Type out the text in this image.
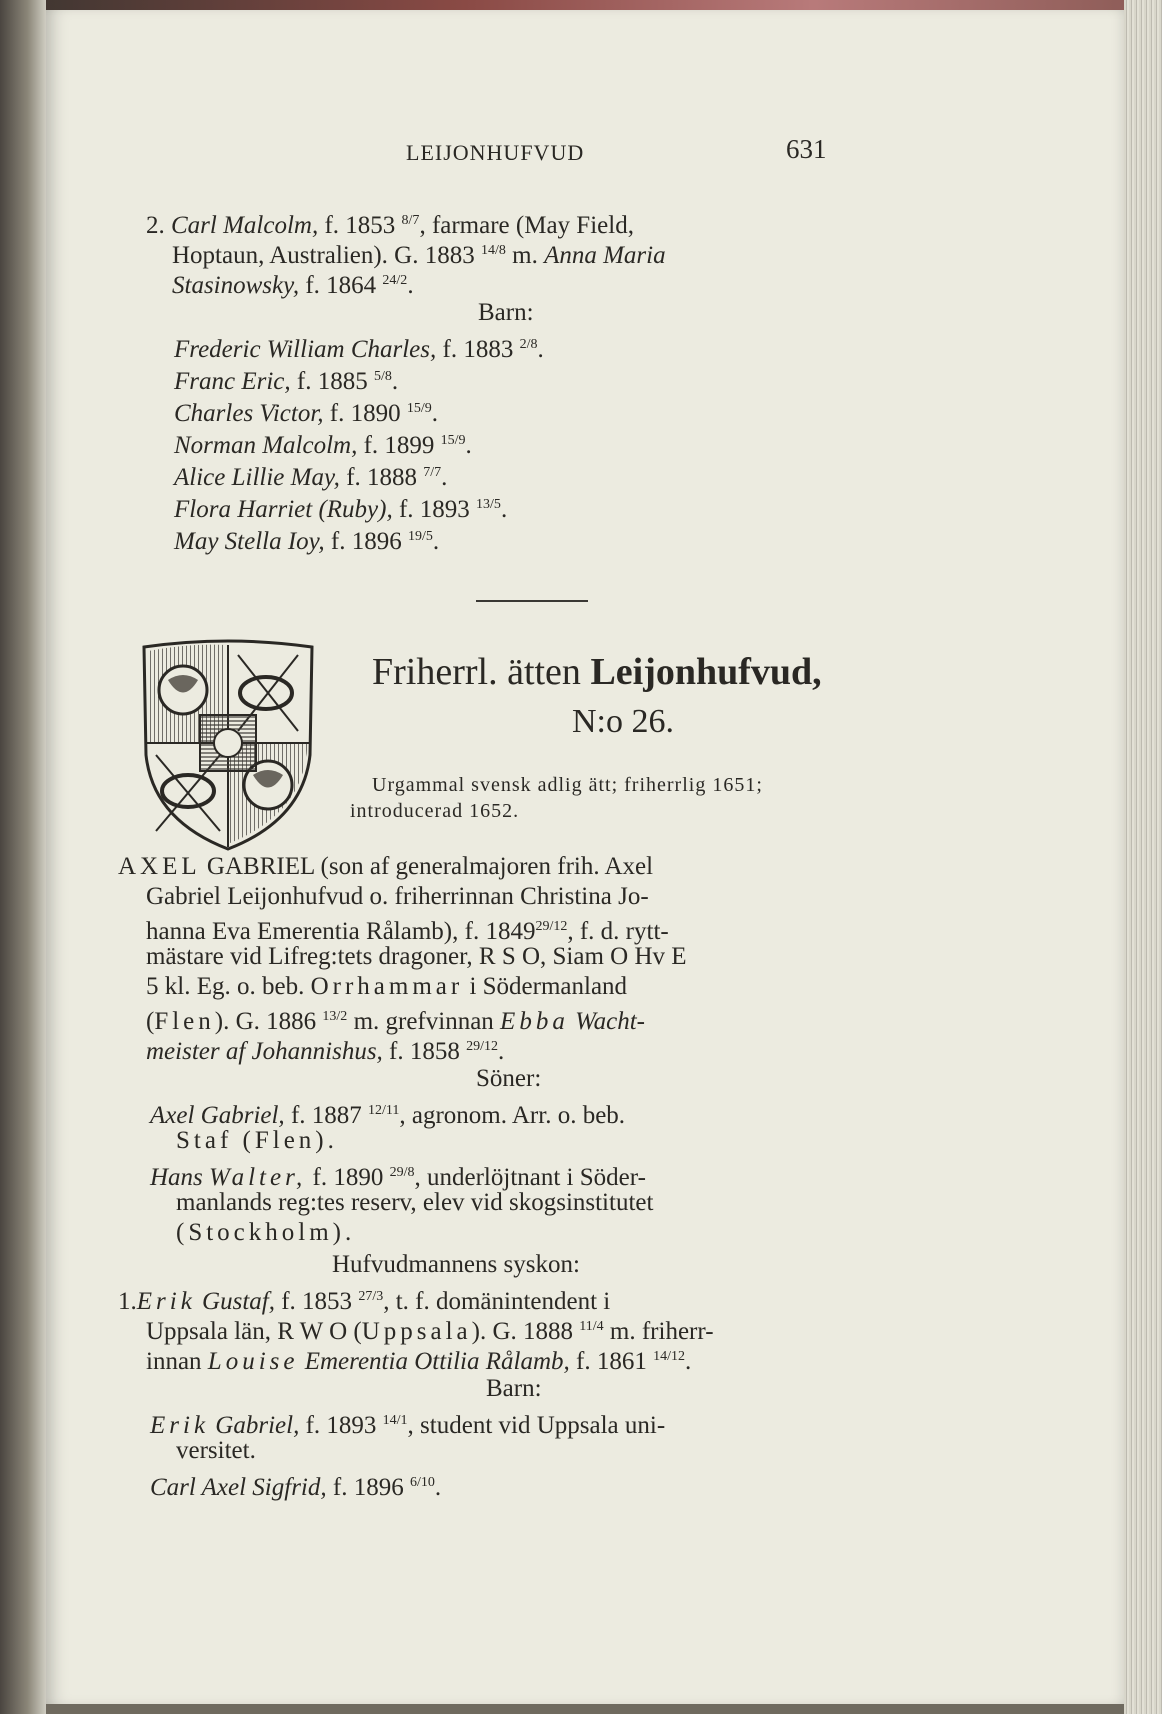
LEIJONHUFVUD	631
2. Carl Malcolm, f. 1853 $^{8/7}$, farmare (May Field,
Hoptaun, Australien). G. 1883 $^{14/8}$ m. Anna Maria
Stasinowsky, f. 1864 $^{24/2}$.
Barn:
Frederic William Charles, f. 1883 $^{2/8}$.
Franc Eric, f. 1885 $^{5/8}$.
Charles Victor, f. 1890 $^{15/9}$.
Norman Malcolm, f. 1899 $^{15/9}$.
Alice Lillie May, f. 1888 $^{7/7}$.
Flora Harriet (Ruby), f. 1893 $^{13/5}$.
May Stella Ioy, f. 1896 $^{19/5}$.
Friherrl. ätten Leijonhufvud,
N:o 26.
Urgammal svensk adlig ätt; friherrlig 1651;
introducerad 1652.
AXEL GABRIEL (son af generalmajoren frih. Axel
Gabriel Leijonhufvud o. friherrinnan Christina Jo-
hanna Eva Emerentia Rålamb), f. $1849^{29/12}$, f. d. rytt-
mästare vid Lifreg:tets dragoner, R S O, Siam O Hv E
5 kl. Eg. o. beb. Orrhammar i Södermanland
(Flen). G. 1886 $^{13/2}$ m. grefvinnan Ebba Wacht-
meister af Johannishus, f. 1858 $^{29/12}$.
Söner:
Axel Gabriel, f. 1887 $^{12/11}$, agronom. Arr. o. beb.
Staf (Flen).
Hans Walter, f. 1890 $^{29/8}$, underlöjtnant i Söder-
manlands reg:tes reserv, elev vid skogsinstitutet
(Stockholm).
Hufvudmannens syskon:
1.Erik Gustaf, f. 1853 $^{27/3}$, t. f. domänintendent i
Uppsala län, R W O (Uppsala). G. 1888 $^{11/4}$ m. friherr-
innan Louise Emerentia Ottilia Rålamb, f. 1861 $^{14/12}$.
Barn:
Erik Gabriel, f. 1893 $^{14/1}$, student vid Uppsala uni-
versitet.
Carl Axel Sigfrid, f. 1896 $^{6/10}$.
